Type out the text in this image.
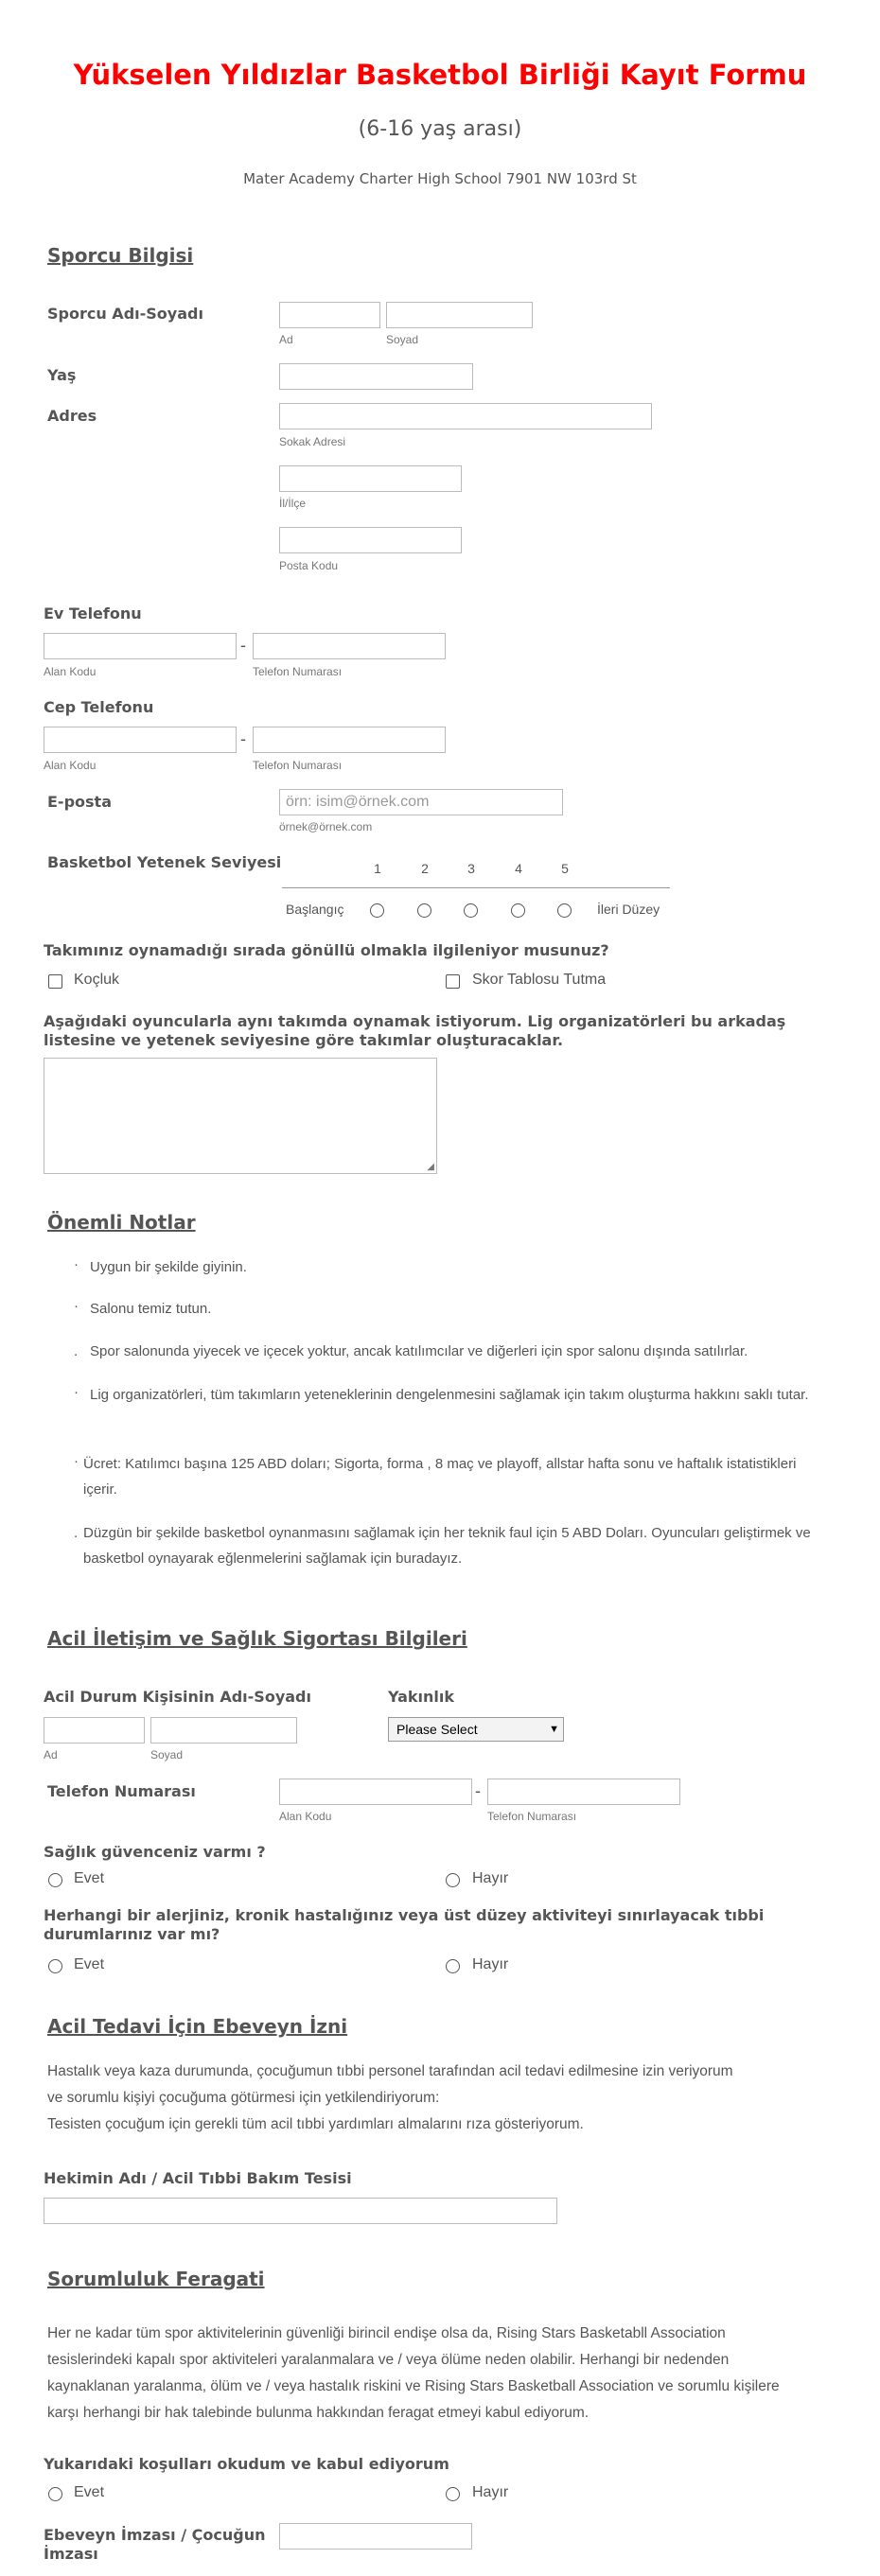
Yükselen Yıldızlar Basketbol Birliği Kayıt Formu
(6-16 yaş arası)
Mater Academy Charter High School 7901 NW 103rd St
Sporcu Bilgisi
Sporcu Adı-Soyadı
Ad	Soyad
Yaş
Adres
Sokak Adresi
İl/İlçe
Posta Kodu
Ev Telefonu
-
Alan Kodu	Telefon Numarası
Cep Telefonu
-
Alan Kodu	Telefon Numarası
E-posta	örn: isim@örnek.com
örnek@örnek.com
Basketbol Yetenek Seviyesi	1	2	3	4	5
Başlangıç	İleri Düzey
Takımınız oynamadığı sırada gönüllü olmakla ilgileniyor musunuz?
Koçluk	Skor Tablosu Tutma
Aşağıdaki oyuncularla aynı takımda oynamak istiyorum. Lig organizatörleri bu arkadaş listesine ve yetenek seviyesine göre takımlar oluşturacaklar.
◢
Önemli Notlar
· Uygun bir şekilde giyinin.
· Salonu temiz tutun.
. Spor salonunda yiyecek ve içecek yoktur, ancak katılımcılar ve diğerleri için spor salonu dışında satılırlar.
· Lig organizatörleri, tüm takımların yeteneklerinin dengelenmesini sağlamak için takım oluşturma hakkını saklı tutar.
· Ücret: Katılımcı başına 125 ABD doları; Sigorta, forma , 8 maç ve playoff, allstar hafta sonu ve haftalık istatistikleri içerir.
. Düzgün bir şekilde basketbol oynanmasını sağlamak için her teknik faul için 5 ABD Doları. Oyuncuları geliştirmek ve basketbol oynayarak eğlenmelerini sağlamak için buradayız.
Acil İletişim ve Sağlık Sigortası Bilgileri
Acil Durum Kişisinin Adı-Soyadı	Yakınlık
Please Select	▼
Ad	Soyad
Telefon Numarası	-
Alan Kodu	Telefon Numarası
Sağlık güvenceniz varmı ?
Evet	Hayır
Herhangi bir alerjiniz, kronik hastalığınız veya üst düzey aktiviteyi sınırlayacak tıbbi durumlarınız var mı?
Evet	Hayır
Acil Tedavi İçin Ebeveyn İzni
Hastalık veya kaza durumunda, çocuğumun tıbbi personel tarafından acil tedavi edilmesine izin veriyorum
ve sorumlu kişiyi çocuğuma götürmesi için yetkilendiriyorum:
Tesisten çocuğum için gerekli tüm acil tıbbi yardımları almalarını rıza gösteriyorum.
Hekimin Adı / Acil Tıbbi Bakım Tesisi
Sorumluluk Feragati
Her ne kadar tüm spor aktivitelerinin güvenliği birincil endişe olsa da, Rising Stars Basketabll Association
tesislerindeki kapalı spor aktiviteleri yaralanmalara ve / veya ölüme neden olabilir. Herhangi bir nedenden
kaynaklanan yaralanma, ölüm ve / veya hastalık riskini ve Rising Stars Basketball Association ve sorumlu kişilere
karşı herhangi bir hak talebinde bulunma hakkından feragat etmeyi kabul ediyorum.
Yukarıdaki koşulları okudum ve kabul ediyorum
Evet	Hayır
Ebeveyn İmzası / Çocuğun İmzası
